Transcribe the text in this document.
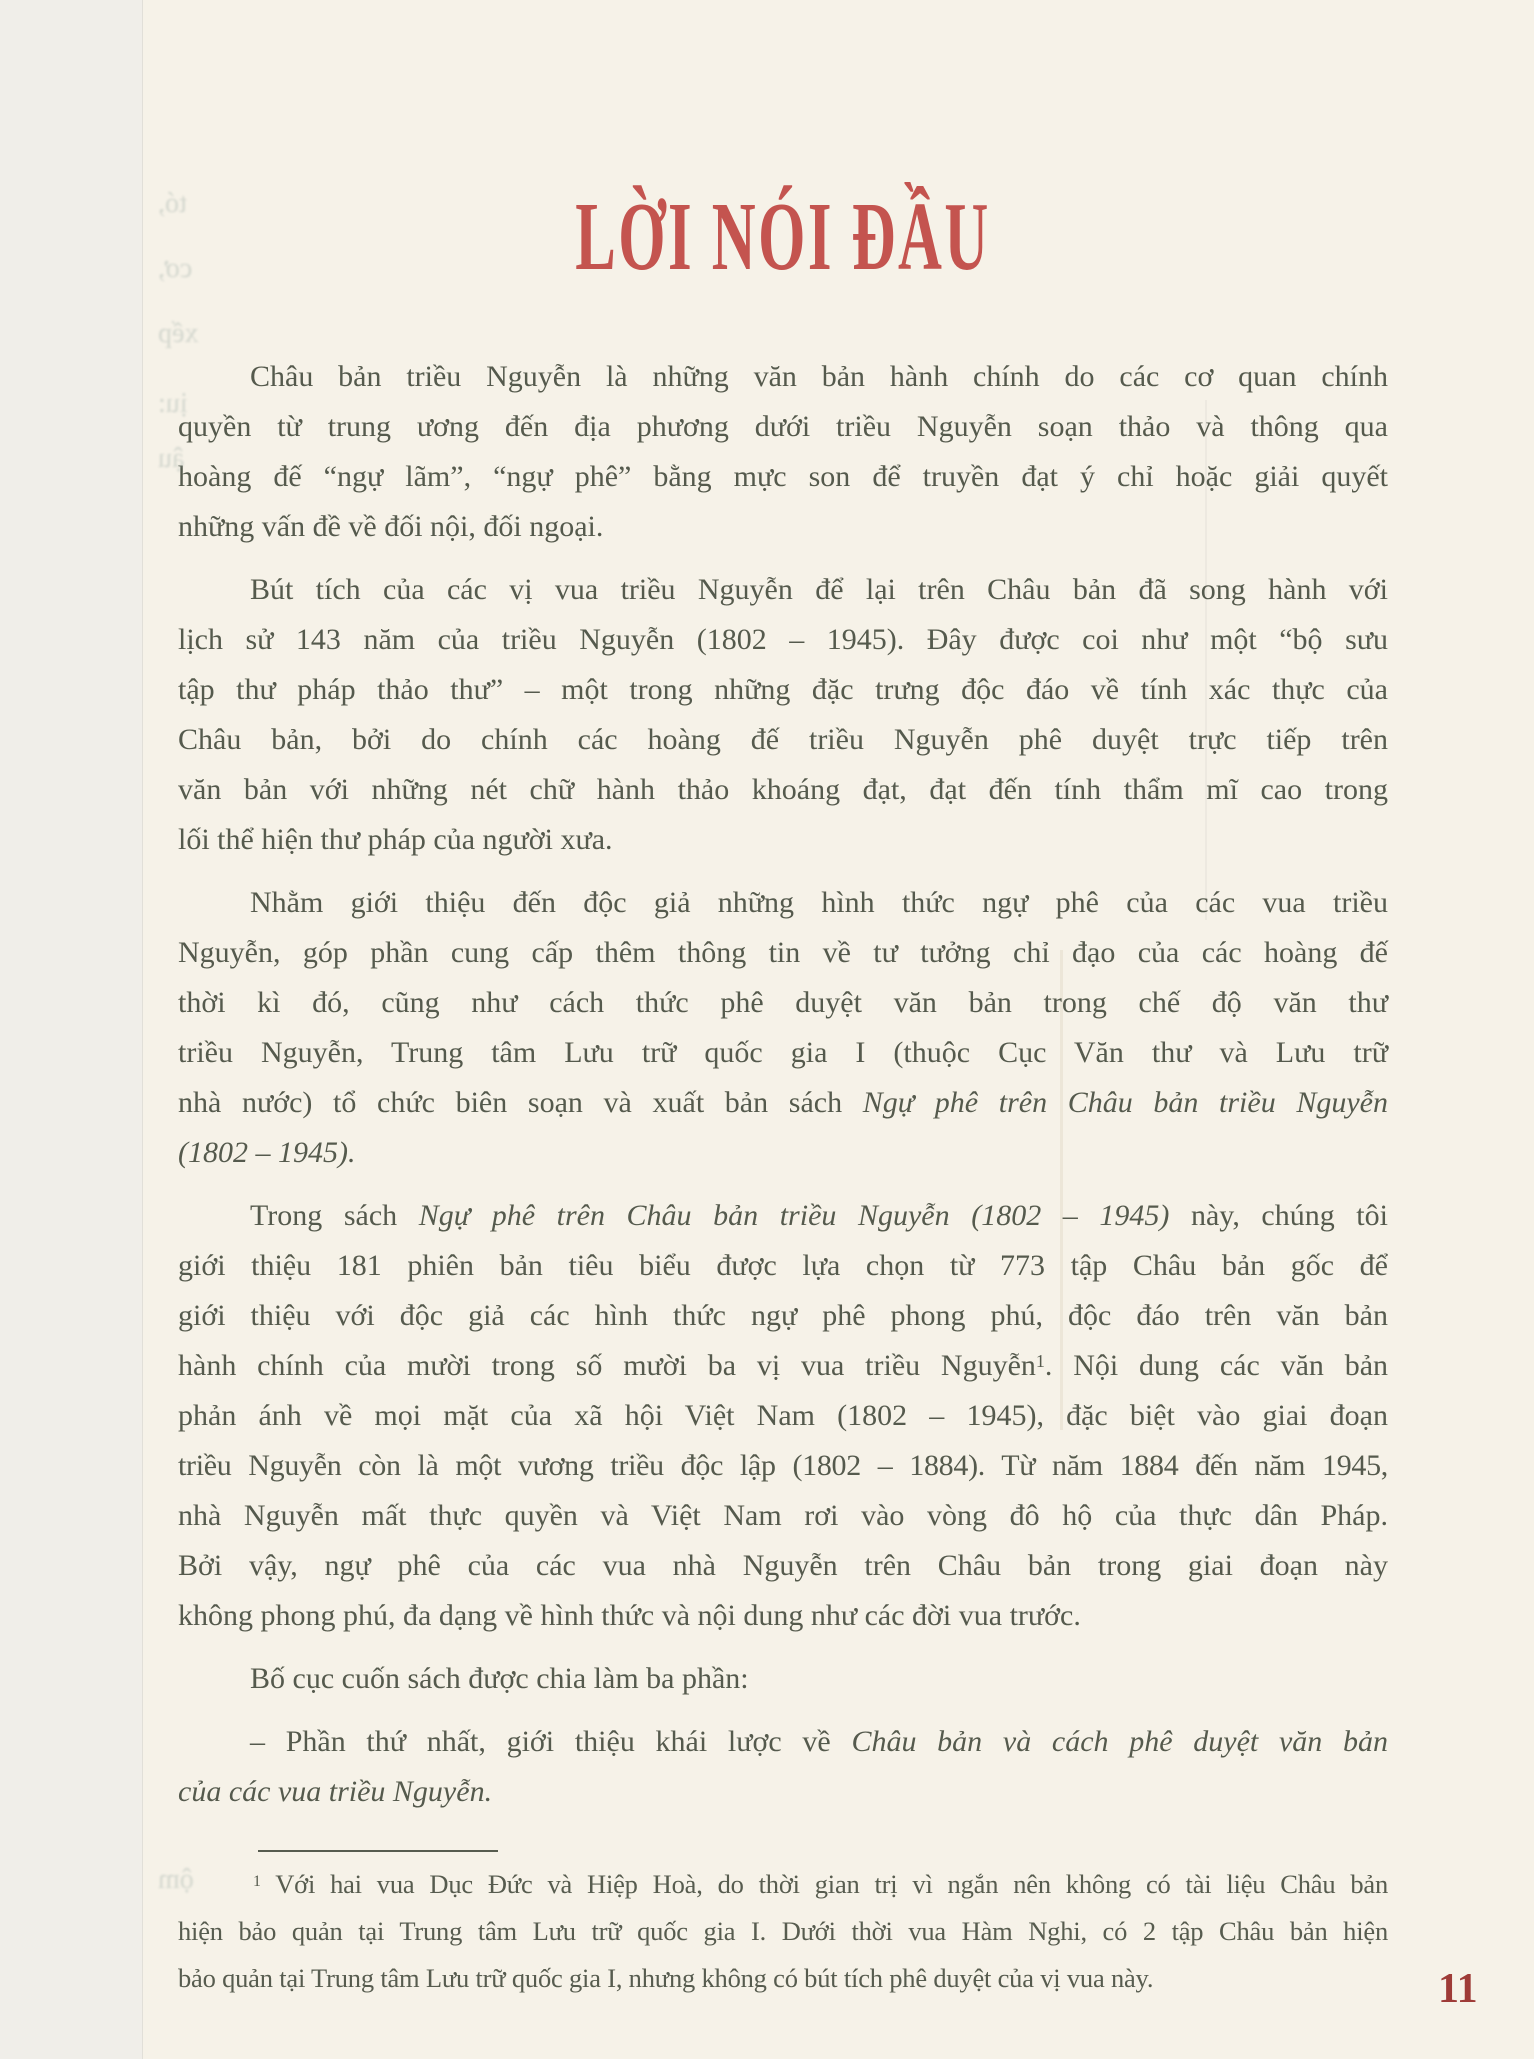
LỜI NÓI ĐẦU
Châu bản triều Nguyễn là những văn bản hành chính do các cơ quan chính
quyền từ trung ương đến địa phương dưới triều Nguyễn soạn thảo và thông qua
hoàng đế “ngự lãm”, “ngự phê” bằng mực son để truyền đạt ý chỉ hoặc giải quyết
những vấn đề về đối nội, đối ngoại.
Bút tích của các vị vua triều Nguyễn để lại trên Châu bản đã song hành với
lịch sử 143 năm của triều Nguyễn (1802 – 1945). Đây được coi như một “bộ sưu
tập thư pháp thảo thư” – một trong những đặc trưng độc đáo về tính xác thực của
Châu bản, bởi do chính các hoàng đế triều Nguyễn phê duyệt trực tiếp trên
văn bản với những nét chữ hành thảo khoáng đạt, đạt đến tính thẩm mĩ cao trong
lối thể hiện thư pháp của người xưa.
Nhằm giới thiệu đến độc giả những hình thức ngự phê của các vua triều
Nguyễn, góp phần cung cấp thêm thông tin về tư tưởng chỉ đạo của các hoàng đế
thời kì đó, cũng như cách thức phê duyệt văn bản trong chế độ văn thư
triều Nguyễn, Trung tâm Lưu trữ quốc gia I (thuộc Cục Văn thư và Lưu trữ
nhà nước) tổ chức biên soạn và xuất bản sách Ngự phê trên Châu bản triều Nguyễn
(1802 – 1945).
Trong sách Ngự phê trên Châu bản triều Nguyễn (1802 – 1945) này, chúng tôi
giới thiệu 181 phiên bản tiêu biểu được lựa chọn từ 773 tập Châu bản gốc để
giới thiệu với độc giả các hình thức ngự phê phong phú, độc đáo trên văn bản
hành chính của mười trong số mười ba vị vua triều Nguyễn$^1$. Nội dung các văn bản
phản ánh về mọi mặt của xã hội Việt Nam (1802 – 1945), đặc biệt vào giai đoạn
triều Nguyễn còn là một vương triều độc lập (1802 – 1884). Từ năm 1884 đến năm 1945,
nhà Nguyễn mất thực quyền và Việt Nam rơi vào vòng đô hộ của thực dân Pháp.
Bởi vậy, ngự phê của các vua nhà Nguyễn trên Châu bản trong giai đoạn này
không phong phú, đa dạng về hình thức và nội dung như các đời vua trước.
Bố cục cuốn sách được chia làm ba phần:
– Phần thứ nhất, giới thiệu khái lược về Châu bản và cách phê duyệt văn bản
của các vua triều Nguyễn.
$^1$ Với hai vua Dục Đức và Hiệp Hoà, do thời gian trị vì ngắn nên không có tài liệu Châu bản
hiện bảo quản tại Trung tâm Lưu trữ quốc gia I. Dưới thời vua Hàm Nghi, có 2 tập Châu bản hiện
bảo quản tại Trung tâm Lưu trữ quốc gia I, nhưng không có bút tích phê duyệt của vị vua này.	11
tó,
cơ,
xếp
ịu:
ậu
ộm
